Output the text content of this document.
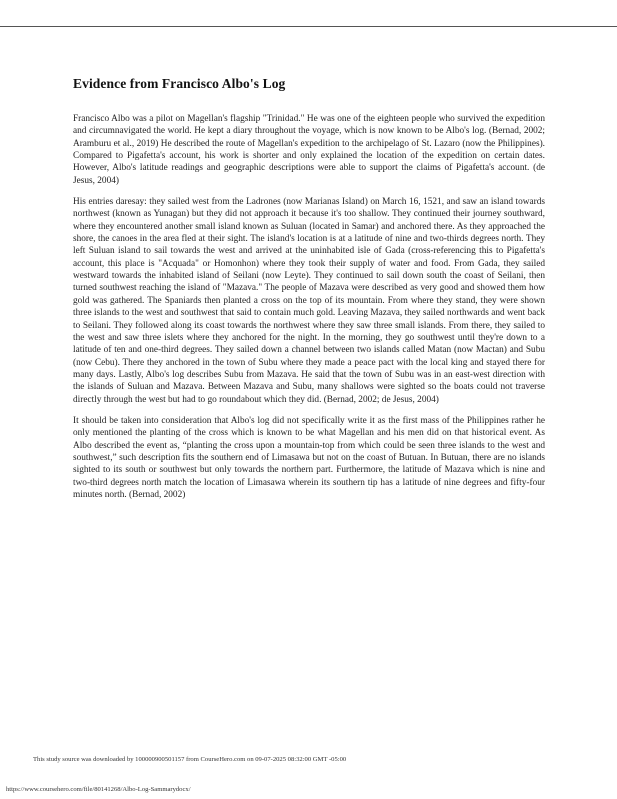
Evidence from Francisco Albo's Log

Francisco Albo was a pilot on Magellan's flagship "Trinidad." He was one of the eighteen people who survived the expedition and circumnavigated the world. He kept a diary throughout the voyage, which is now known to be Albo's log. (Bernad, 2002; Aramburu et al., 2019) He described the route of Magellan's expedition to the archipelago of St. Lazaro (now the Philippines). Compared to Pigafetta's account, his work is shorter and only explained the location of the expedition on certain dates. However, Albo's latitude readings and geographic descriptions were able to support the claims of Pigafetta's account. (de Jesus, 2004)

His entries daresay: they sailed west from the Ladrones (now Marianas Island) on March 16, 1521, and saw an island towards northwest (known as Yunagan) but they did not approach it because it's too shallow. They continued their journey southward, where they encountered another small island known as Suluan (located in Samar) and anchored there. As they approached the shore, the canoes in the area fled at their sight. The island's location is at a latitude of nine and two-thirds degrees north. They left Suluan island to sail towards the west and arrived at the uninhabited isle of Gada (cross-referencing this to Pigafetta's account, this place is "Acquada" or Homonhon) where they took their supply of water and food. From Gada, they sailed westward towards the inhabited island of Seilani (now Leyte). They continued to sail down south the coast of Seilani, then turned southwest reaching the island of "Mazava." The people of Mazava were described as very good and showed them how gold was gathered. The Spaniards then planted a cross on the top of its mountain. From where they stand, they were shown three islands to the west and southwest that said to contain much gold. Leaving Mazava, they sailed northwards and went back to Seilani. They followed along its coast towards the northwest where they saw three small islands. From there, they sailed to the west and saw three islets where they anchored for the night. In the morning, they go southwest until they're down to a latitude of ten and one-third degrees. They sailed down a channel between two islands called Matan (now Mactan) and Subu (now Cebu). There they anchored in the town of Subu where they made a peace pact with the local king and stayed there for many days. Lastly, Albo's log describes Subu from Mazava. He said that the town of Subu was in an east-west direction with the islands of Suluan and Mazava. Between Mazava and Subu, many shallows were sighted so the boats could not traverse directly through the west but had to go roundabout which they did. (Bernad, 2002; de Jesus, 2004)

It should be taken into consideration that Albo's log did not specifically write it as the first mass of the Philippines rather he only mentioned the planting of the cross which is known to be what Magellan and his men did on that historical event. As Albo described the event as, “planting the cross upon a mountain-top from which could be seen three islands to the west and southwest,” such description fits the southern end of Limasawa but not on the coast of Butuan. In Butuan, there are no islands sighted to its south or southwest but only towards the northern part. Furthermore, the latitude of Mazava which is nine and two-third degrees north match the location of Limasawa wherein its southern tip has a latitude of nine degrees and fifty-four minutes north. (Bernad, 2002)

This study source was downloaded by 100000900501157 from CourseHero.com on 09-07-2025 08:32:00 GMT -05:00
https://www.coursehero.com/file/80141268/Albo-Log-Sammarydocx/
